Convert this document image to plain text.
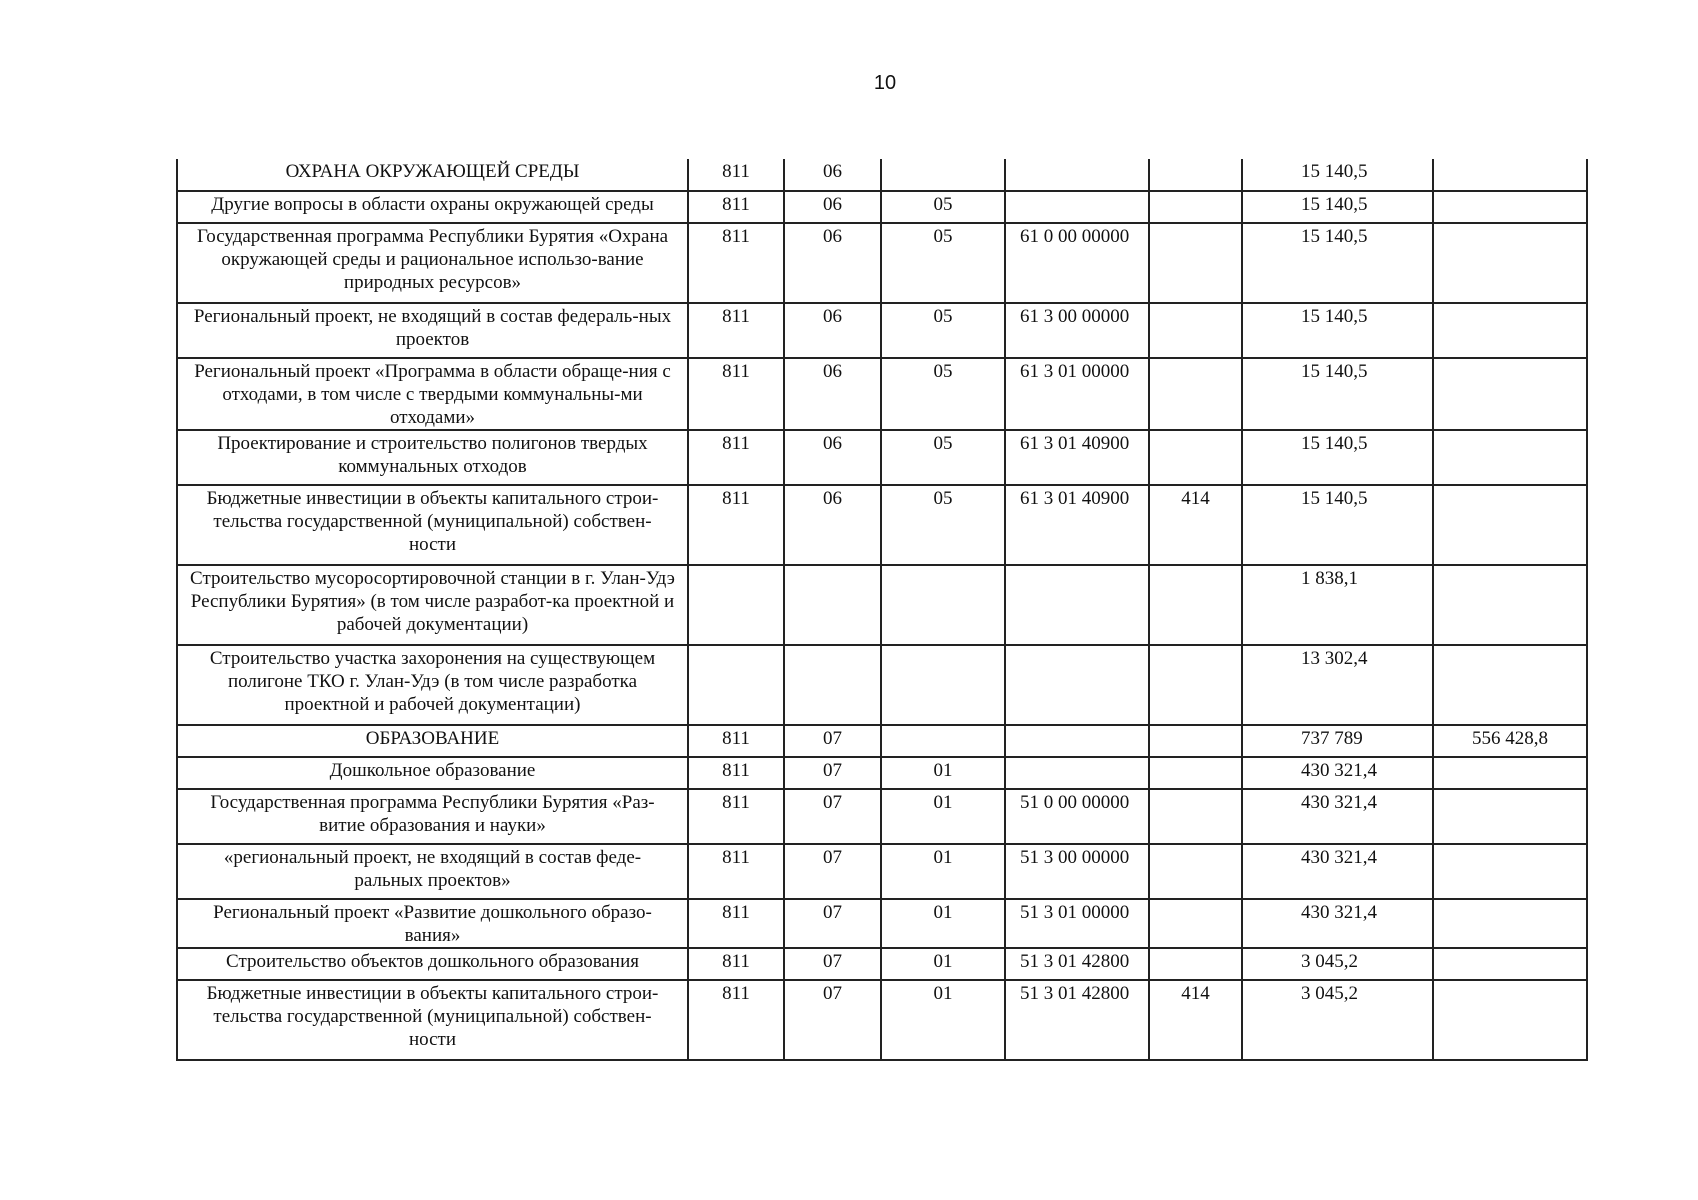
10
ОХРАНА ОКРУЖАЮЩЕЙ СРЕДЫ	811	06				15 140,5	
Другие вопросы в области охраны окружающей среды	811	06	05			15 140,5	
Государственная программа Республики Бурятия «Охрана окружающей среды и рациональное использо-вание природных ресурсов»	811	06	05	61 0 00 00000		15 140,5	
Региональный проект, не входящий в состав федераль-ных проектов	811	06	05	61 3 00 00000		15 140,5	
Региональный проект «Программа в области обраще-ния с отходами, в том числе с твердыми коммунальны-ми отходами»	811	06	05	61 3 01 00000		15 140,5	
Проектирование и строительство полигонов твердых коммунальных отходов	811	06	05	61 3 01 40900		15 140,5	
Бюджетные инвестиции в объекты капитального строи-тельства государственной (муниципальной) собствен-ности	811	06	05	61 3 01 40900	414	15 140,5	
Строительство мусоросортировочной станции в г. Улан-Удэ Республики Бурятия» (в том числе разработ-ка проектной и рабочей документации)						1 838,1	
Строительство участка захоронения на существующем полигоне ТКО г. Улан-Удэ (в том числе разработка проектной и рабочей документации)						13 302,4	
ОБРАЗОВАНИЕ	811	07				737 789	556 428,8
Дошкольное образование	811	07	01			430 321,4	
Государственная программа Республики Бурятия «Раз-витие образования и науки»	811	07	01	51 0 00 00000		430 321,4	
«региональный проект, не входящий в состав феде-ральных проектов»	811	07	01	51 3 00 00000		430 321,4	
Региональный проект «Развитие дошкольного образо-вания»	811	07	01	51 3 01 00000		430 321,4	
Строительство объектов дошкольного образования	811	07	01	51 3 01 42800		3 045,2	
Бюджетные инвестиции в объекты капитального строи-тельства государственной (муниципальной) собствен-ности	811	07	01	51 3 01 42800	414	3 045,2	
